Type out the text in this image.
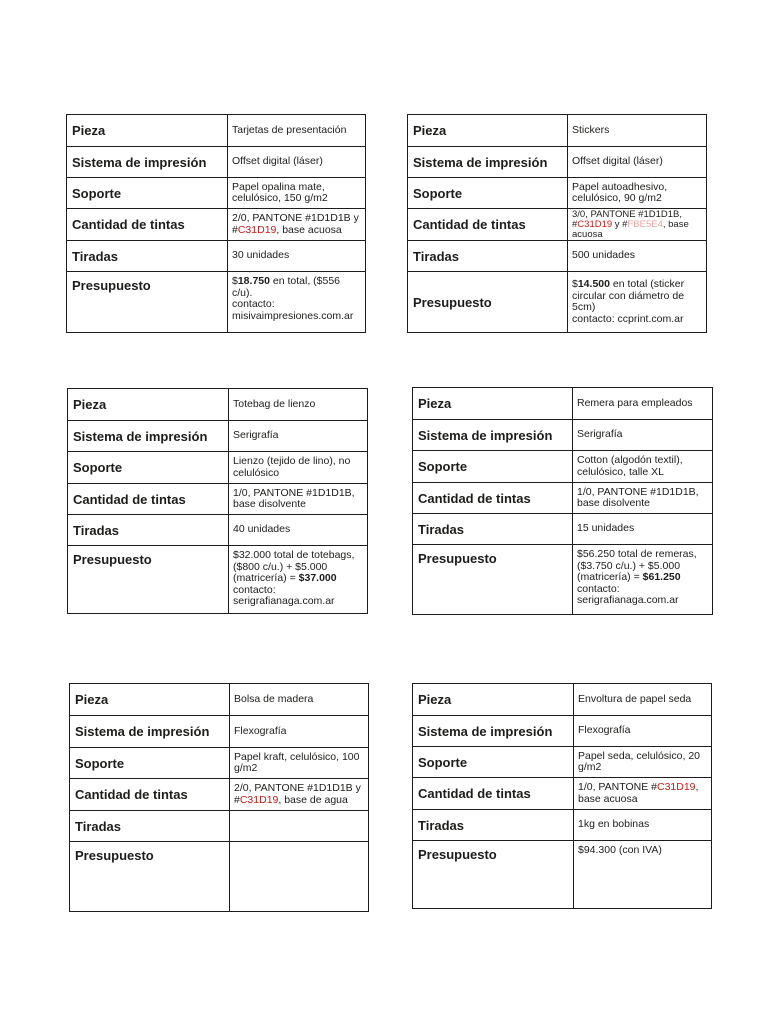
Pieza	Tarjetas de presentación
Sistema de impresión	Offset digital (láser)
Soporte	Papel opalina mate, celulósico, 150 g/m2
Cantidad de tintas	2/0, PANTONE #1D1D1B y #C31D19, base acuosa
Tiradas	30 unidades
Presupuesto	$18.750 en total, ($556 c/u).
contacto: misivaimpresiones.com.ar
Pieza	Stickers
Sistema de impresión	Offset digital (láser)
Soporte	Papel autoadhesivo, celulósico, 90 g/m2
Cantidad de tintas	3/0, PANTONE #1D1D1B, #C31D19 y #FBE5E4, base acuosa
Tiradas	500 unidades
Presupuesto	$14.500 en total (sticker circular con diámetro de 5cm)
contacto: ccprint.com.ar
Pieza	Totebag de lienzo
Sistema de impresión	Serigrafía
Soporte	Lienzo (tejido de lino), no celulósico
Cantidad de tintas	1/0, PANTONE #1D1D1B, base disolvente
Tiradas	40 unidades
Presupuesto	$32.000 total de totebags, ($800 c/u.) + $5.000 (matricería) = $37.000
contacto: serigrafianaga.com.ar
Pieza	Remera para empleados
Sistema de impresión	Serigrafía
Soporte	Cotton (algodón textil), celulósico, talle XL
Cantidad de tintas	1/0, PANTONE #1D1D1B, base disolvente
Tiradas	15 unidades
Presupuesto	$56.250 total de remeras, ($3.750 c/u.) + $5.000 (matricería) = $61.250
contacto: serigrafianaga.com.ar
Pieza	Bolsa de madera
Sistema de impresión	Flexografía
Soporte	Papel kraft, celulósico, 100 g/m2
Cantidad de tintas	2/0, PANTONE #1D1D1B y #C31D19, base de agua
Tiradas	
Presupuesto	
Pieza	Envoltura de papel seda
Sistema de impresión	Flexografía
Soporte	Papel seda, celulósico, 20 g/m2
Cantidad de tintas	1/0, PANTONE #C31D19, base acuosa
Tiradas	1kg en bobinas
Presupuesto	$94.300 (con IVA)
